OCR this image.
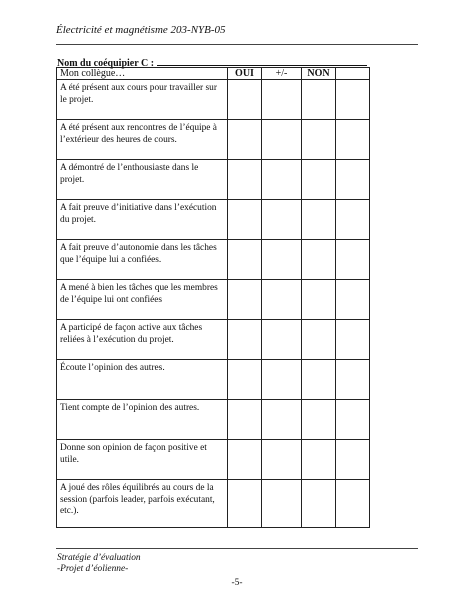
Électricité et magnétisme 203-NYB-05
Nom du coéquipier C :
Mon collègue…	OUI	+/-	NON	
A été présent aux cours pour travailler sur le projet.				
A été présent aux rencontres de l’équipe à l’extérieur des heures de cours.				
A démontré de l’enthousiaste dans le projet.				
A fait preuve d’initiative dans l’exécution du projet.				
A fait preuve d’autonomie dans les tâches que l’équipe lui a confiées.				
A mené à bien les tâches que les membres de l’équipe lui ont confiées				
A participé de façon active aux tâches reliées à l’exécution du projet.				
Écoute l’opinion des autres.				
Tient compte de l’opinion des autres.				
Donne son opinion de façon positive et utile.				
A joué des rôles équilibrés au cours de la session (parfois leader, parfois exécutant, etc.).				
Stratégie d’évaluation
-Projet d’éolienne-
-5-
